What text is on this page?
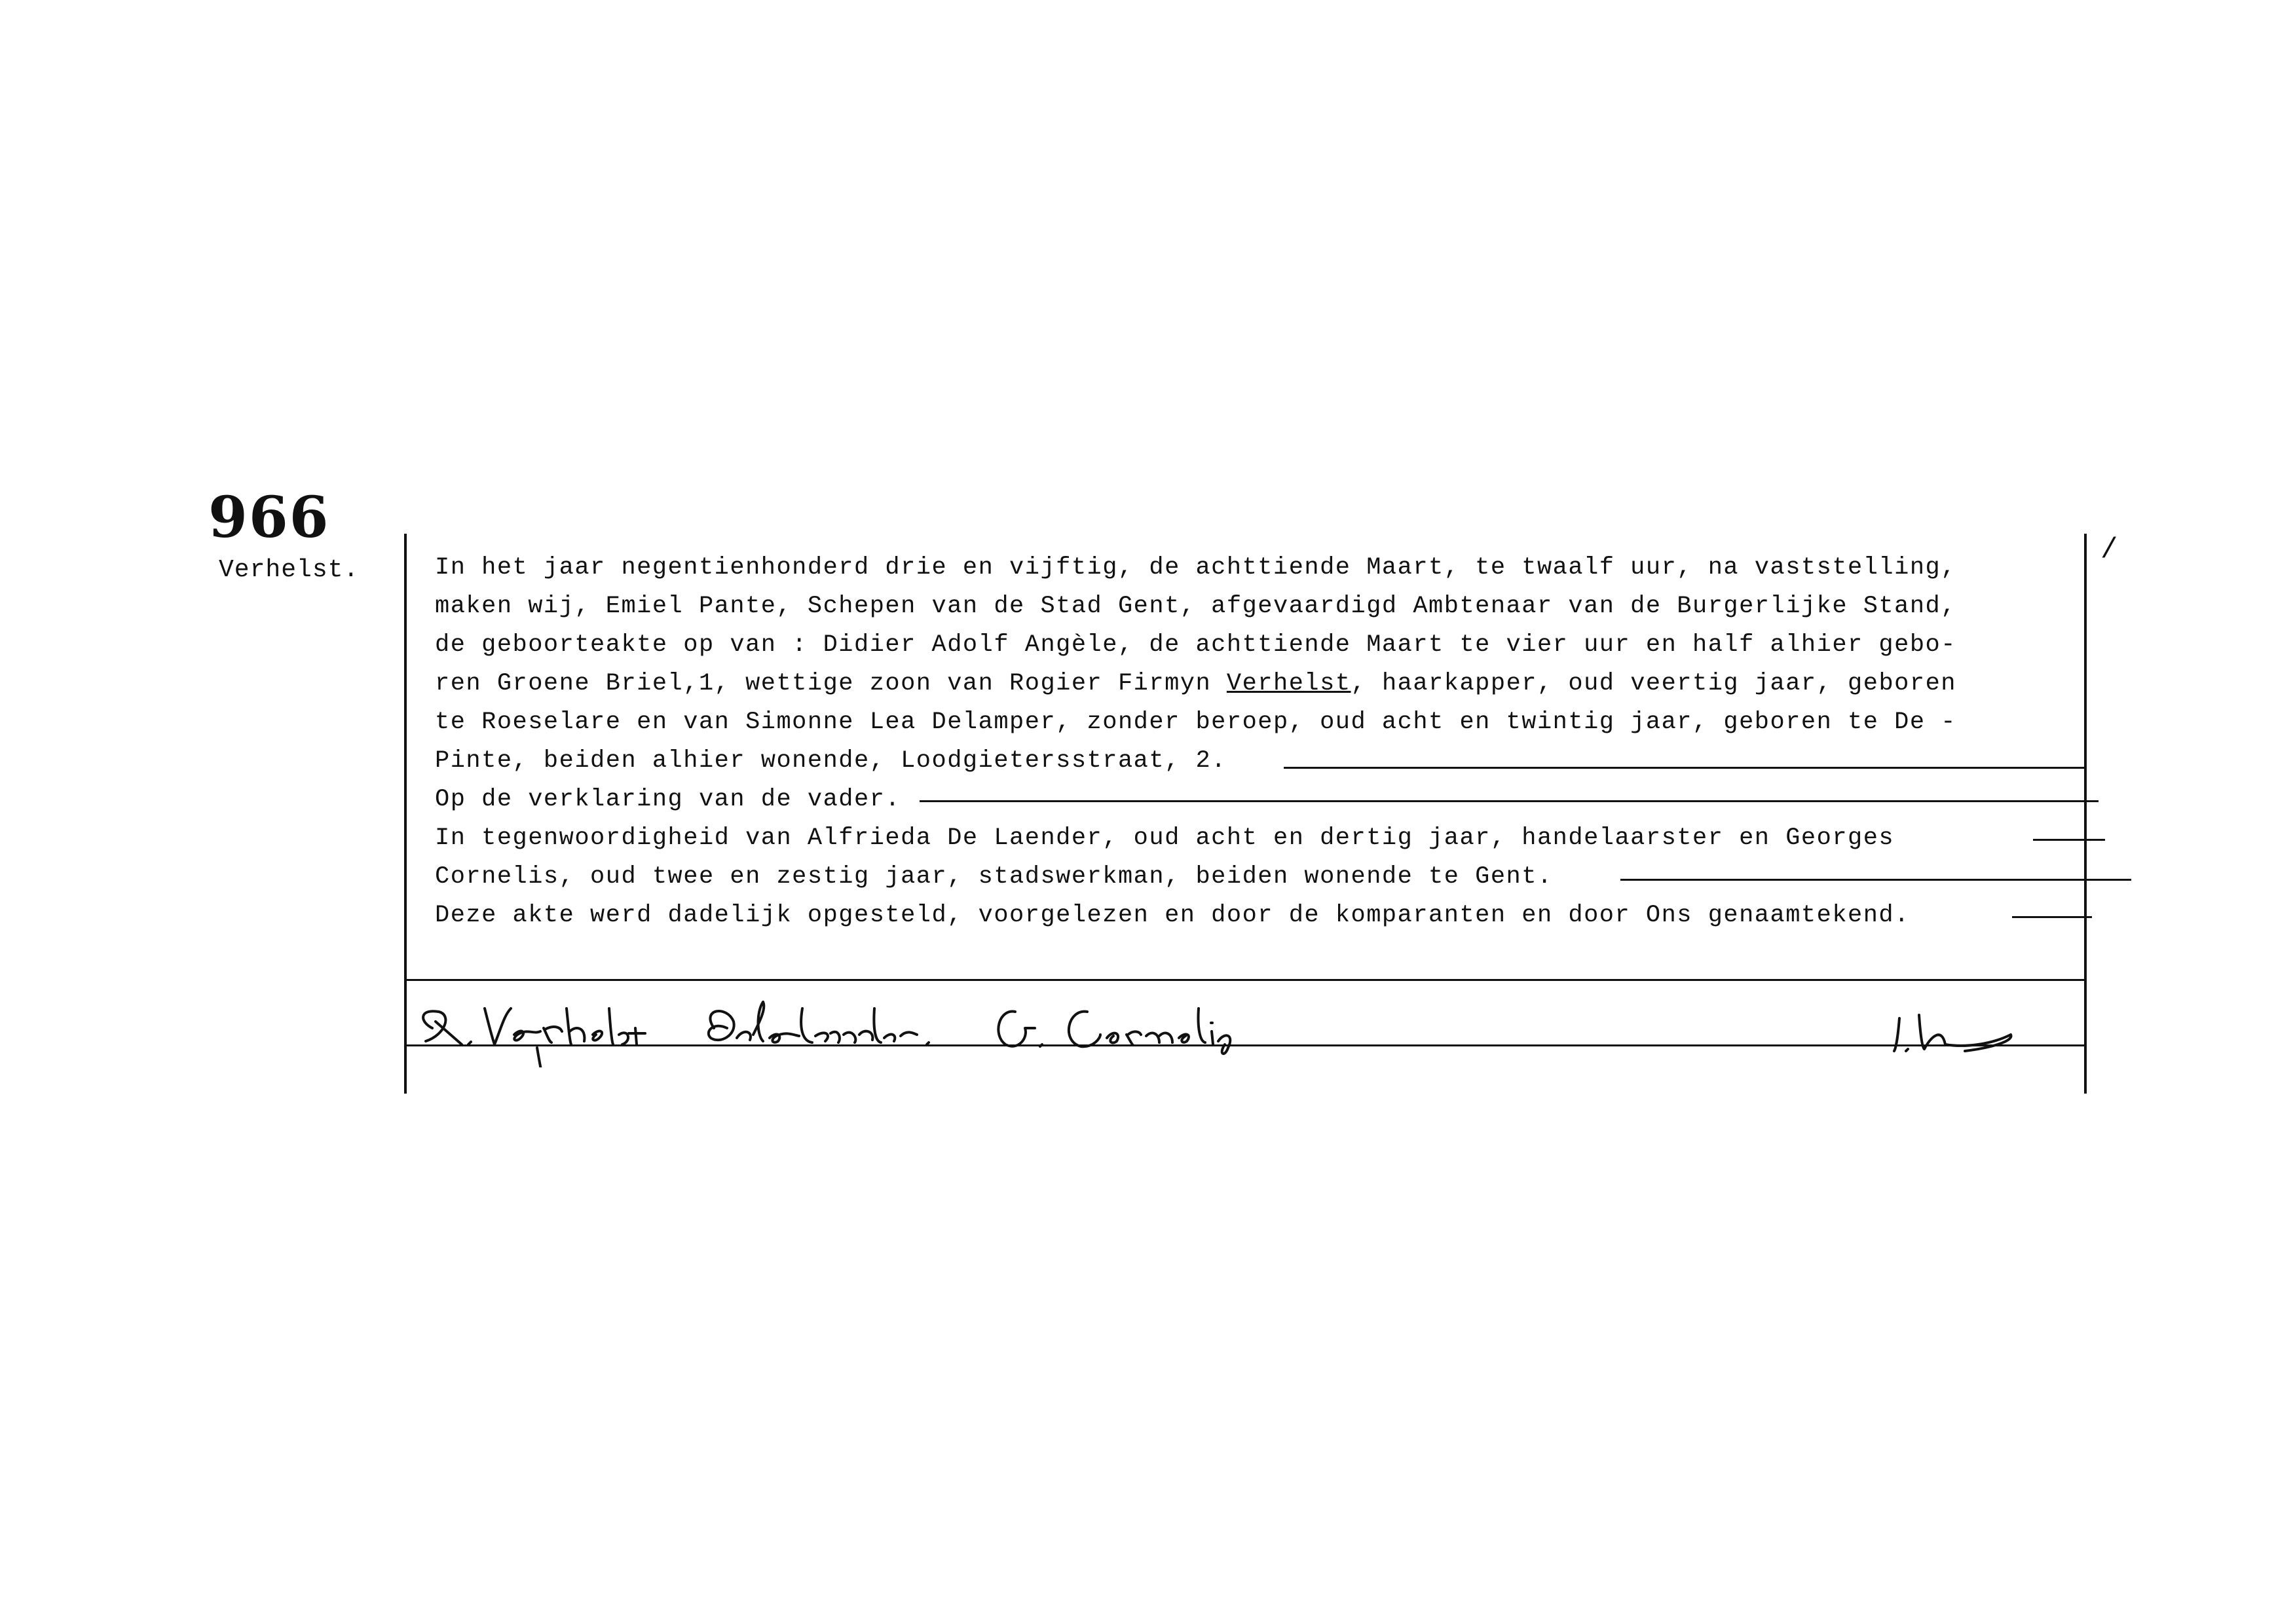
966
Verhelst.
/
In het jaar negentienhonderd drie en vijftig, de achttiende Maart, te twaalf uur, na vaststelling,
maken wij, Emiel Pante, Schepen van de Stad Gent, afgevaardigd Ambtenaar van de Burgerlijke Stand,
de geboorteakte op van : Didier Adolf Angèle, de achttiende Maart te vier uur en half alhier gebo-
ren Groene Briel,1, wettige zoon van Rogier Firmyn Verhelst, haarkapper, oud veertig jaar, geboren
te Roeselare en van Simonne Lea Delamper, zonder beroep, oud acht en twintig jaar, geboren te De -
Pinte, beiden alhier wonende, Loodgietersstraat, 2.
Op de verklaring van de vader.
In tegenwoordigheid van Alfrieda De Laender, oud acht en dertig jaar, handelaarster en Georges
Cornelis, oud twee en zestig jaar, stadswerkman, beiden wonende te Gent.
Deze akte werd dadelijk opgesteld, voorgelezen en door de komparanten en door Ons genaamtekend.
